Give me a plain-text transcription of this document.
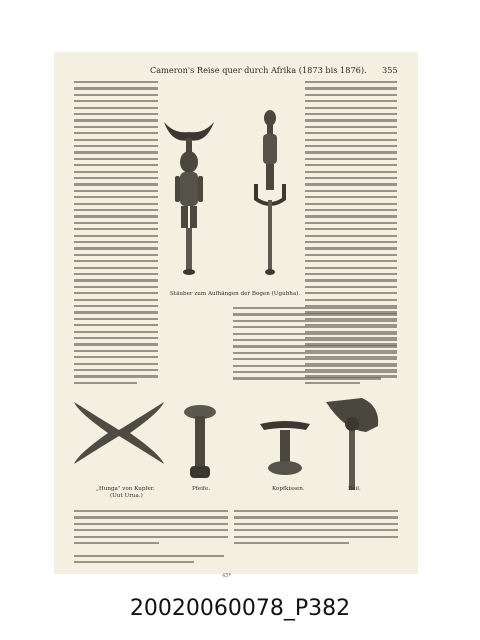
Cameron's Reise quer durch Afrika (1873 bis 1876). 355
Stäuber zum Aufhängen der Bogen (Ugubha).
„Hunga" von Kupfer.
(Uut Urua.)
Pfeife.	Kopfkissen.	Beil.
45*
20020060078_P382
